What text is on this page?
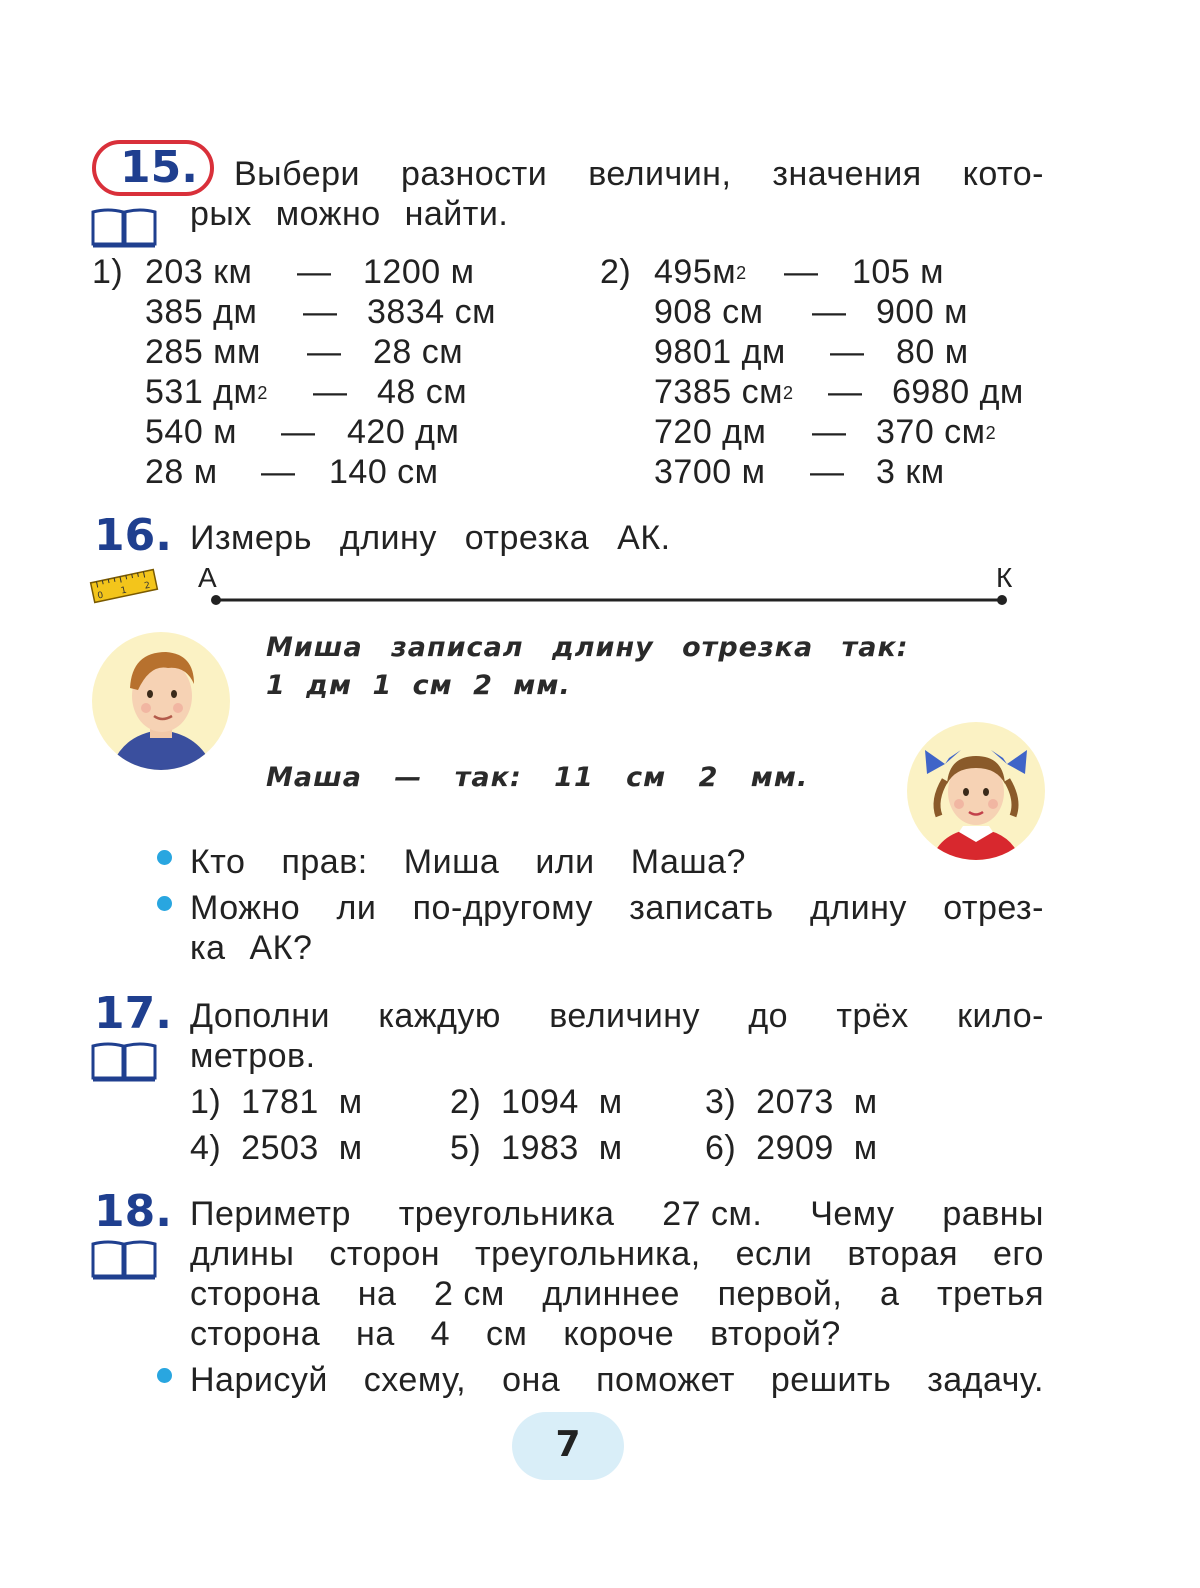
15. Выбери разности величин, значения кото-
рых можно найти.
1) 203 км — 1200 м
385 дм — 3834 см
285 мм — 28 см
531 $дм^2$ — 48 см
540 м — 420 дм
28 м — 140 см
2) $495м^2$ — 105 м
908 см — 900 м
9801 дм — 80 м
7385 $см^2$ — 6980 дм
720 дм — 370 $см^2$
3700 м — 3 км
16. Измерь длину отрезка АК.
0 1 2 А	К
Миша записал длину отрезка так:
1 дм 1 см 2 мм.
Маша — так: 11 см 2 мм.
Кто прав: Миша или Маша?
Можно ли по-другому записать длину отрез-
ка АК?
17. Дополни каждую величину до трёх кило-
метров.
1) 1781 м	2) 1094 м 3) 2073 м
4) 2503 м	5) 1983 м 6) 2909 м
18. Периметр треугольника 27 см. Чему равны
длины сторон треугольника, если вторая его
сторона на 2 см длиннее первой, а третья
сторона на 4 см короче второй?
Нарисуй схему, она поможет решить задачу.
7
